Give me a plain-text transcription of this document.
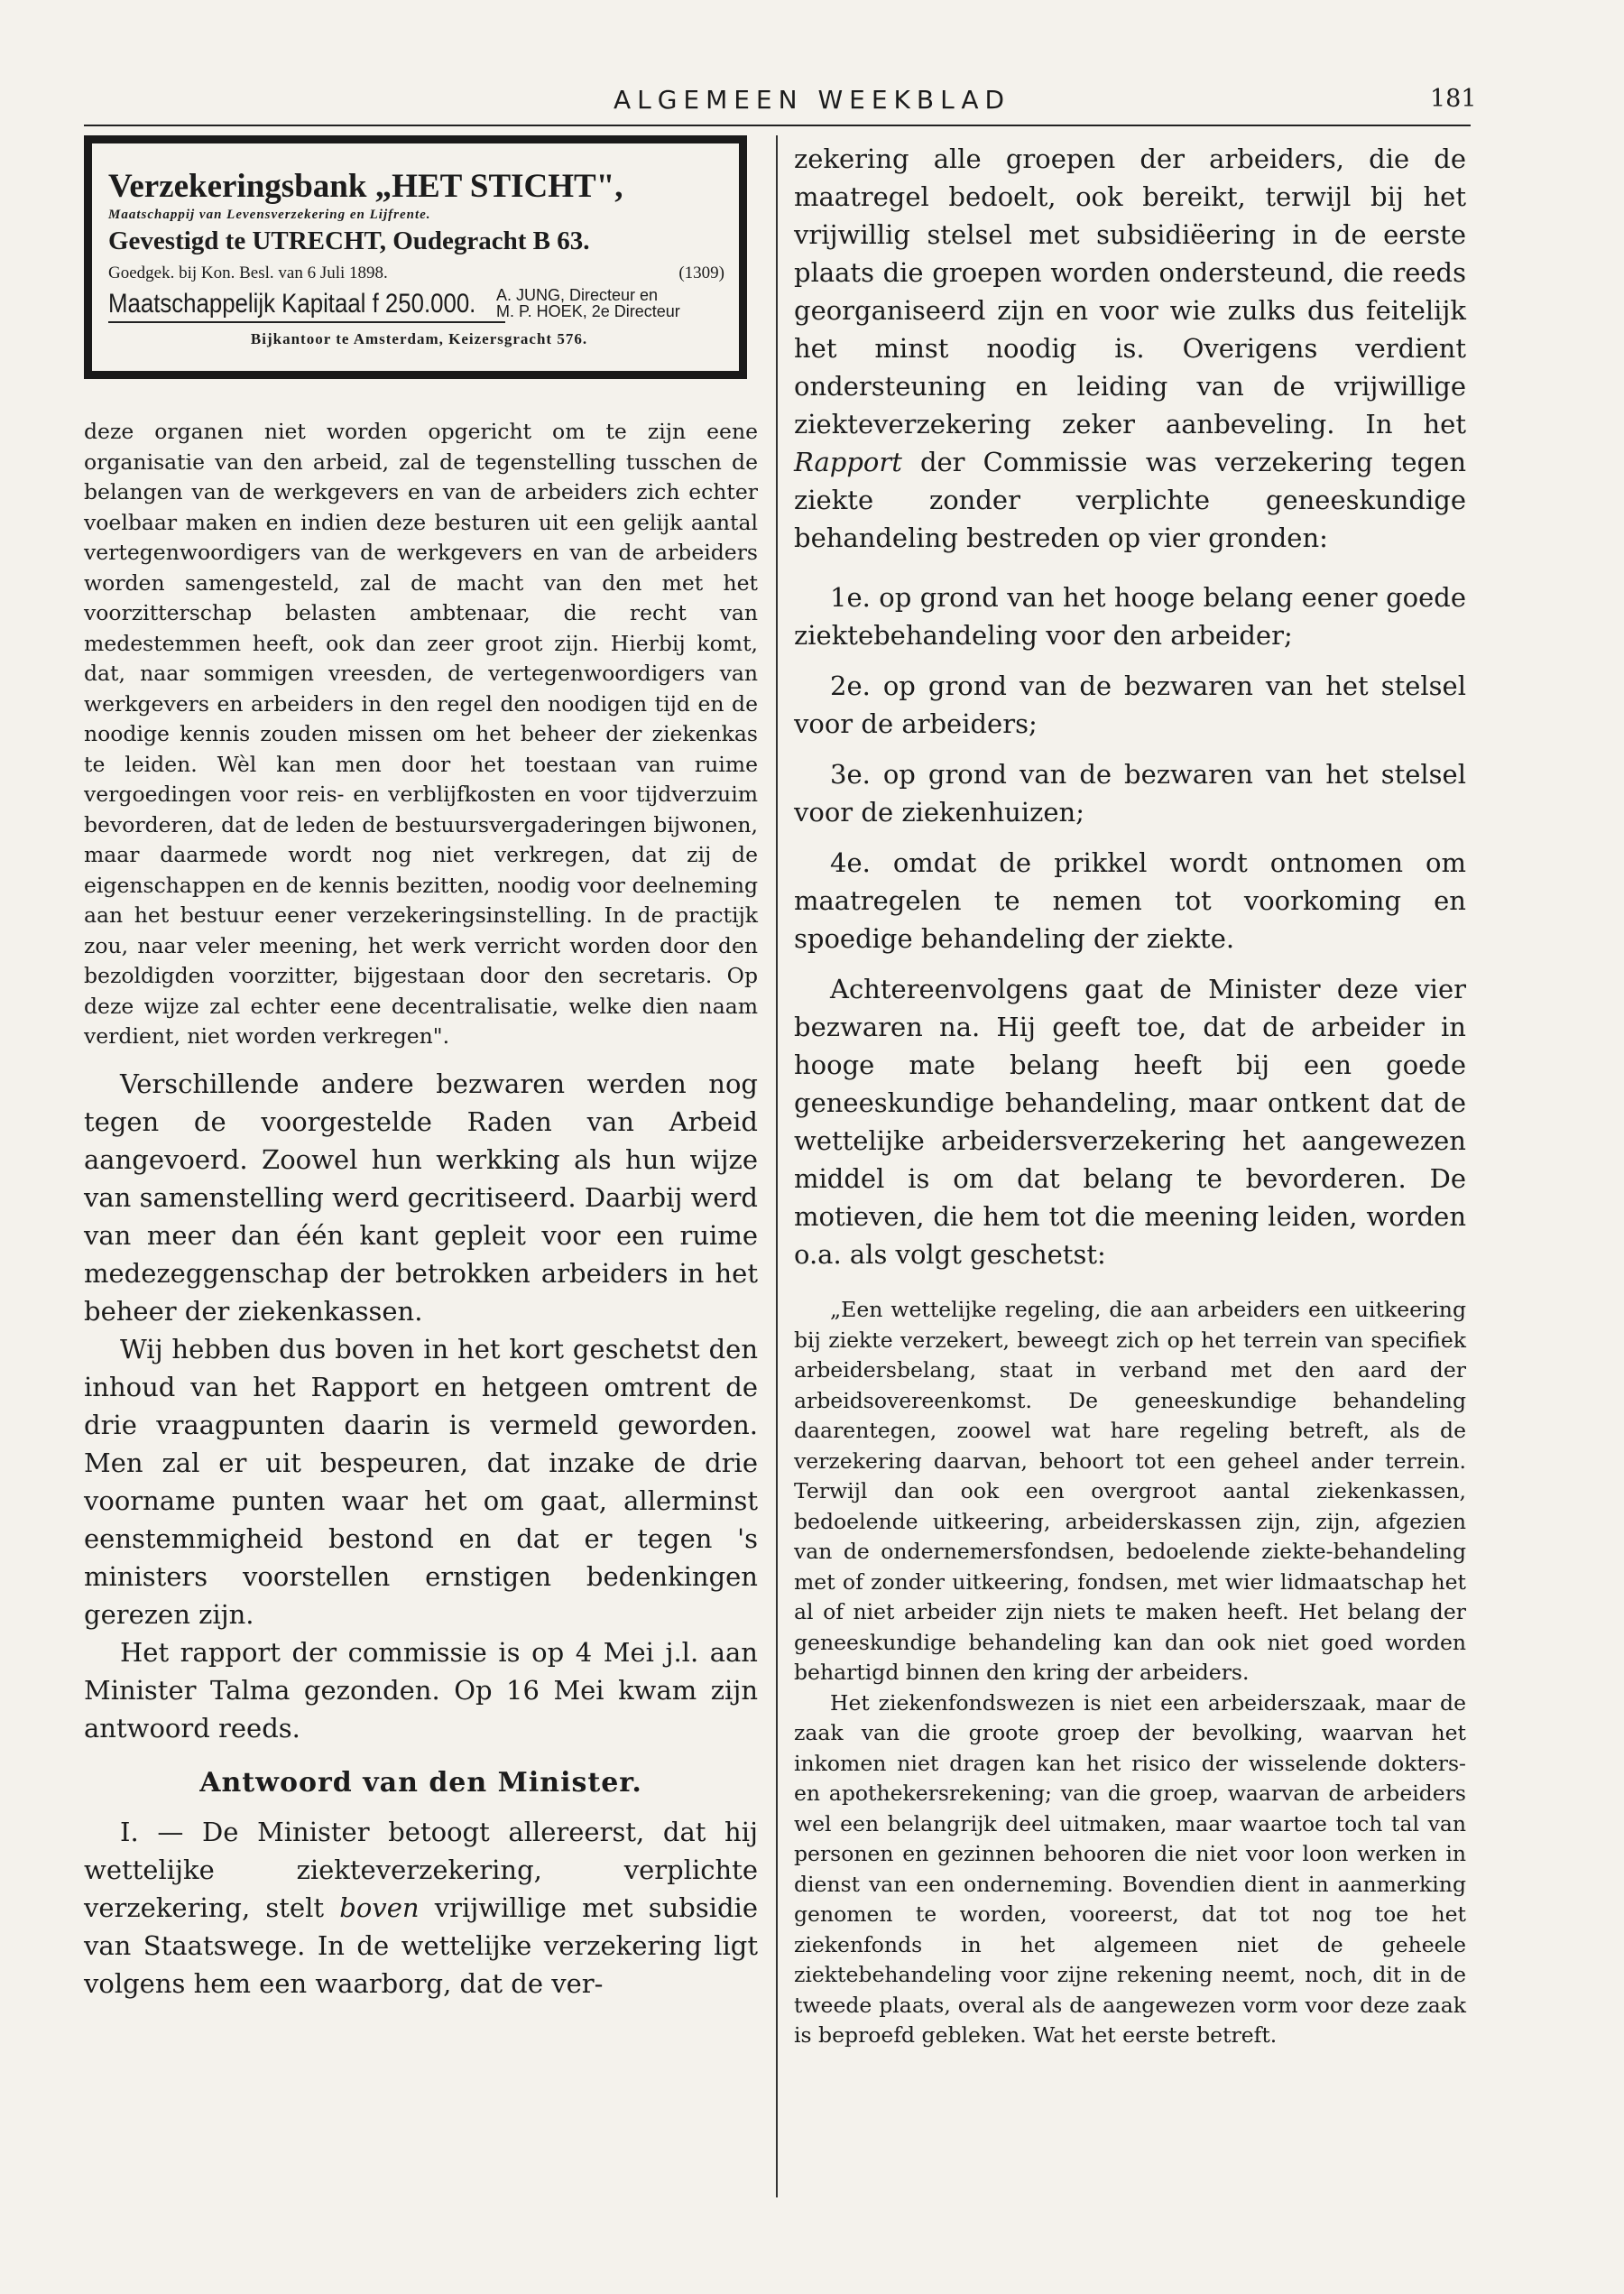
ALGEMEEN WEEKBLAD	181
Verzekeringsbank „HET STICHT",
Maatschappij van Levensverzekering en Lijfrente.
Gevestigd te UTRECHT, Oudegracht B 63.
Goedgek. bij Kon. Besl. van 6 Juli 1898.	(1309)
Maatschappelijk Kapitaal f 250.000. A. JUNG, Directeur en
M. P. HOEK, 2e Directeur
Bijkantoor te Amsterdam, Keizersgracht 576.

deze organen niet worden opgericht om te zijn eene organisatie van den arbeid, zal de tegenstelling tusschen de belangen van de werkgevers en van de arbeiders zich echter voelbaar maken en indien deze besturen uit een gelijk aantal vertegenwoordigers van de werkgevers en van de arbeiders worden samengesteld, zal de macht van den met het voorzitterschap belasten ambtenaar, die recht van medestemmen heeft, ook dan zeer groot zijn. Hierbij komt, dat, naar sommigen vreesden, de vertegenwoordigers van werkgevers en arbeiders in den regel den noodigen tijd en de noodige kennis zouden missen om het beheer der ziekenkas te leiden. Wèl kan men door het toestaan van ruime vergoedingen voor reis- en verblijfkosten en voor tijdverzuim bevorderen, dat de leden de bestuursvergaderingen bijwonen, maar daarmede wordt nog niet verkregen, dat zij de eigenschappen en de kennis bezitten, noodig voor deelneming aan het bestuur eener verzekeringsinstelling. In de practijk zou, naar veler meening, het werk verricht worden door den bezoldigden voorzitter, bijgestaan door den secretaris. Op deze wijze zal echter eene decentralisatie, welke dien naam verdient, niet worden verkregen".

Verschillende andere bezwaren werden nog tegen de voorgestelde Raden van Arbeid aangevoerd. Zoowel hun werkking als hun wijze van samenstelling werd gecritiseerd. Daarbij werd van meer dan één kant gepleit voor een ruime medezeggenschap der betrokken arbeiders in het beheer der ziekenkassen.

Wij hebben dus boven in het kort geschetst den inhoud van het Rapport en hetgeen omtrent de drie vraagpunten daarin is vermeld geworden. Men zal er uit bespeuren, dat inzake de drie voorname punten waar het om gaat, allerminst eenstemmigheid bestond en dat er tegen 's ministers voorstellen ernstigen bedenkingen gerezen zijn.

Het rapport der commissie is op 4 Mei j.l. aan Minister Talma gezonden. Op 16 Mei kwam zijn antwoord reeds.

Antwoord van den Minister.

I. — De Minister betoogt allereerst, dat hij wettelijke ziekteverzekering, verplichte verzekering, stelt boven vrijwillige met subsidie van Staatswege. In de wettelijke verzekering ligt volgens hem een waarborg, dat de ver-

zekering alle groepen der arbeiders, die de maatregel bedoelt, ook bereikt, terwijl bij het vrijwillig stelsel met subsidiëering in de eerste plaats die groepen worden ondersteund, die reeds georganiseerd zijn en voor wie zulks dus feitelijk het minst noodig is. Overigens verdient ondersteuning en leiding van de vrijwillige ziekteverzekering zeker aanbeveling. In het Rapport der Commissie was verzekering tegen ziekte zonder verplichte geneeskundige behandeling bestreden op vier gronden:

1e. op grond van het hooge belang eener goede ziektebehandeling voor den arbeider;

2e. op grond van de bezwaren van het stelsel voor de arbeiders;

3e. op grond van de bezwaren van het stelsel voor de ziekenhuizen;

4e. omdat de prikkel wordt ontnomen om maatregelen te nemen tot voorkoming en spoedige behandeling der ziekte.

Achtereenvolgens gaat de Minister deze vier bezwaren na. Hij geeft toe, dat de arbeider in hooge mate belang heeft bij een goede geneeskundige behandeling, maar ontkent dat de wettelijke arbeidersverzekering het aangewezen middel is om dat belang te bevorderen. De motieven, die hem tot die meening leiden, worden o.a. als volgt geschetst:

„Een wettelijke regeling, die aan arbeiders een uitkeering bij ziekte verzekert, beweegt zich op het terrein van specifiek arbeidersbelang, staat in verband met den aard der arbeidsovereenkomst. De geneeskundige behandeling daarentegen, zoowel wat hare regeling betreft, als de verzekering daarvan, behoort tot een geheel ander terrein. Terwijl dan ook een overgroot aantal ziekenkassen, bedoelende uitkeering, arbeiderskassen zijn, zijn, afgezien van de ondernemersfondsen, bedoelende ziekte-behandeling met of zonder uitkeering, fondsen, met wier lidmaatschap het al of niet arbeider zijn niets te maken heeft. Het belang der geneeskundige behandeling kan dan ook niet goed worden behartigd binnen den kring der arbeiders.

Het ziekenfondswezen is niet een arbeiderszaak, maar de zaak van die groote groep der bevolking, waarvan het inkomen niet dragen kan het risico der wisselende dokters- en apothekersrekening; van die groep, waarvan de arbeiders wel een belangrijk deel uitmaken, maar waartoe toch tal van personen en gezinnen behooren die niet voor loon werken in dienst van een onderneming. Bovendien dient in aanmerking genomen te worden, vooreerst, dat tot nog toe het ziekenfonds in het algemeen niet de geheele ziektebehandeling voor zijne rekening neemt, noch, dit in de tweede plaats, overal als de aangewezen vorm voor deze zaak is beproefd gebleken. Wat het eerste betreft.
